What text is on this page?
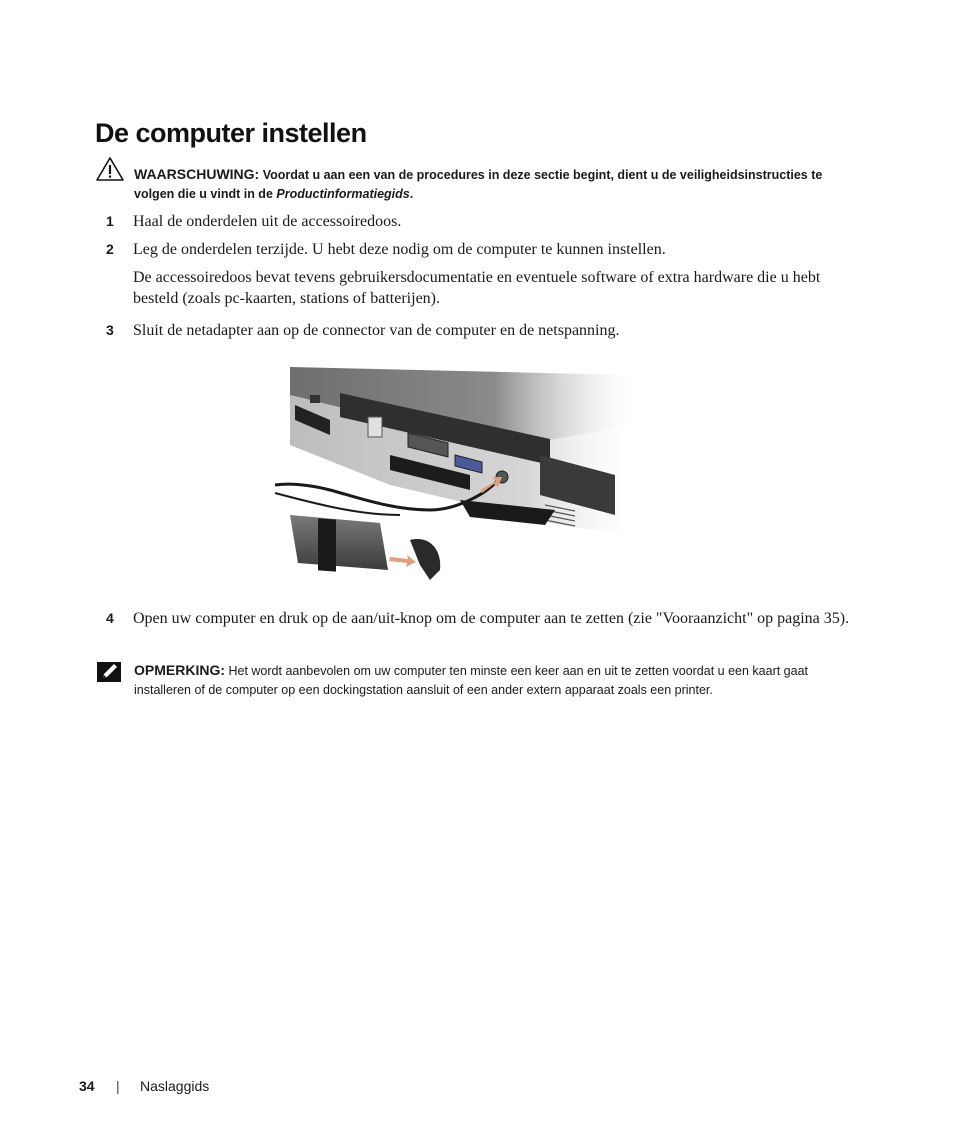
De computer instellen
WAARSCHUWING: Voordat u aan een van de procedures in deze sectie begint, dient u de veiligheidsinstructies te volgen die u vindt in de Productinformatiegids.
1 Haal de onderdelen uit de accessoiredoos.
2 Leg de onderdelen terzijde. U hebt deze nodig om de computer te kunnen instellen.
De accessoiredoos bevat tevens gebruikersdocumentatie en eventuele software of extra hardware die u hebt besteld (zoals pc-kaarten, stations of batterijen).
3 Sluit de netadapter aan op de connector van de computer en de netspanning.
4 Open uw computer en druk op de aan/uit-knop om de computer aan te zetten (zie "Vooraanzicht" op pagina 35).
OPMERKING: Het wordt aanbevolen om uw computer ten minste een keer aan en uit te zetten voordat u een kaart gaat installeren of de computer op een dockingstation aansluit of een ander extern apparaat zoals een printer.
34 | Naslaggids
